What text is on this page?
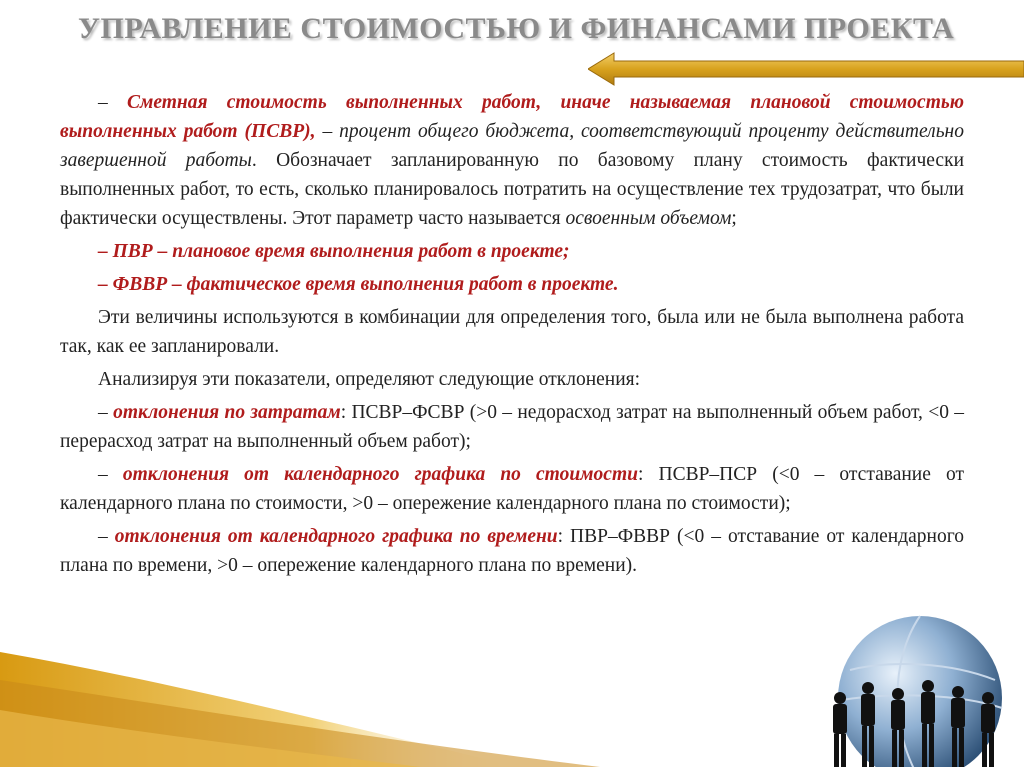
УПРАВЛЕНИЕ СТОИМОСТЬЮ И ФИНАНСАМИ ПРОЕКТА

– Сметная стоимость выполненных работ, иначе называемая плановой стоимостью выполненных работ (ПСВР), – процент общего бюджета, соответствующий проценту действительно завершенной работы. Обозначает запланированную по базовому плану стоимость фактически выполненных работ, то есть, сколько планировалось потратить на осуществление тех трудозатрат, что были фактически осуществлены. Этот параметр часто называется освоенным объемом;

– ПВР – плановое время выполнения работ в проекте;

– ФВВР – фактическое время выполнения работ в проекте.

Эти величины используются в комбинации для определения того, была или не была выполнена работа так, как ее запланировали.

Анализируя эти показатели, определяют следующие отклонения:

– отклонения по затратам: ПСВР–ФСВР (>0 – недорасход затрат на выполненный объем работ, <0 – перерасход затрат на выполненный объем работ);

– отклонения от календарного графика по стоимости: ПСВР–ПСР (<0 – отставание от календарного плана по стоимости, >0 – опережение календарного плана по стоимости);

– отклонения от календарного графика по времени: ПВР–ФВВР (<0 – отставание от календарного плана по времени, >0 – опережение календарного плана по времени).
